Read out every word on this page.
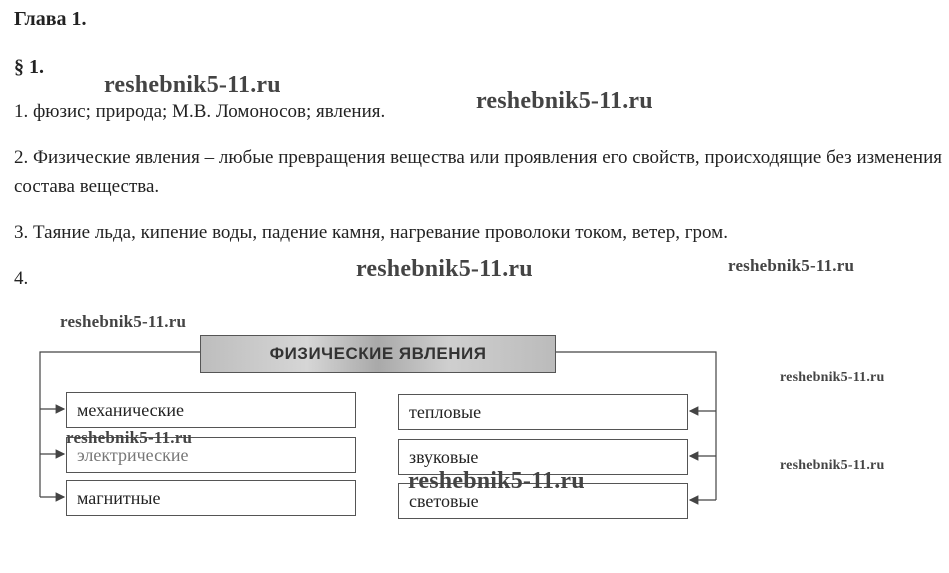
Глава 1.
§ 1.
1. фюзис; природа; М.В. Ломоносов; явления.
2. Физические явления – любые превращения вещества или проявления его свойств, происходящие без изменения состава вещества.
3. Таяние льда, кипение воды, падение камня, нагревание проволоки током, ветер, гром.
4.
ФИЗИЧЕСКИЕ ЯВЛЕНИЯ
механические
электрические
магнитные
тепловые
звуковые
световые
reshebnik5-11.ru
reshebnik5-11.ru
reshebnik5-11.ru	reshebnik5-11.ru
reshebnik5-11.ru
reshebnik5-11.ru
reshebnik5-11.ru
reshebnik5-11.ru
reshebnik5-11.ru
